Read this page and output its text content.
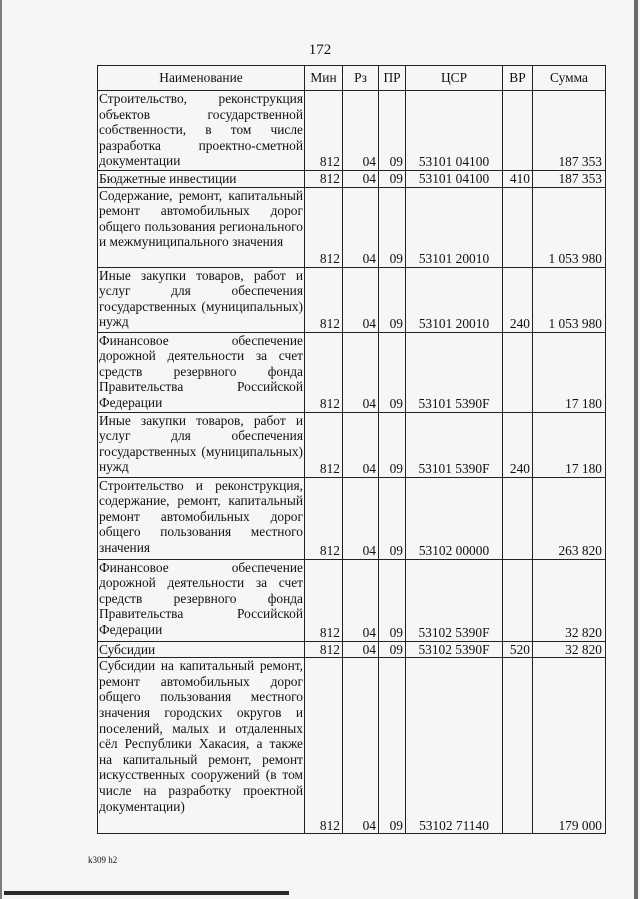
172
Наименование	Мин	Рз	ПР	ЦСР	ВР	Сумма
Строительство, реконструкция объектов государственной собственности, в том числе разработка проектно-сметной документации	812	04	09	53101 04100		187 353
Бюджетные инвестиции	812	04	09	53101 04100	410	187 353
Содержание, ремонт, капитальный ремонт автомобильных дорог общего пользования регионального и межмуниципального значения	812	04	09	53101 20010		1 053 980
Иные закупки товаров, работ и услуг для обеспечения государственных (муниципальных) нужд	812	04	09	53101 20010	240	1 053 980
Финансовое обеспечение дорожной деятельности за счет средств резервного фонда Правительства Российской Федерации	812	04	09	53101 5390F		17 180
Иные закупки товаров, работ и услуг для обеспечения государственных (муниципальных) нужд	812	04	09	53101 5390F	240	17 180
Строительство и реконструкция, содержание, ремонт, капитальный ремонт автомобильных дорог общего пользования местного значения	812	04	09	53102 00000		263 820
Финансовое обеспечение дорожной деятельности за счет средств резервного фонда Правительства Российской Федерации	812	04	09	53102 5390F		32 820
Субсидии	812	04	09	53102 5390F	520	32 820
Субсидии на капитальный ремонт, ремонт автомобильных дорог общего пользования местного значения городских округов и поселений, малых и отдаленных сёл Республики Хакасия, а также на капитальный ремонт, ремонт искусственных сооружений (в том числе на разработку проектной документации)	812	04	09	53102 71140		179 000
k309 h2
